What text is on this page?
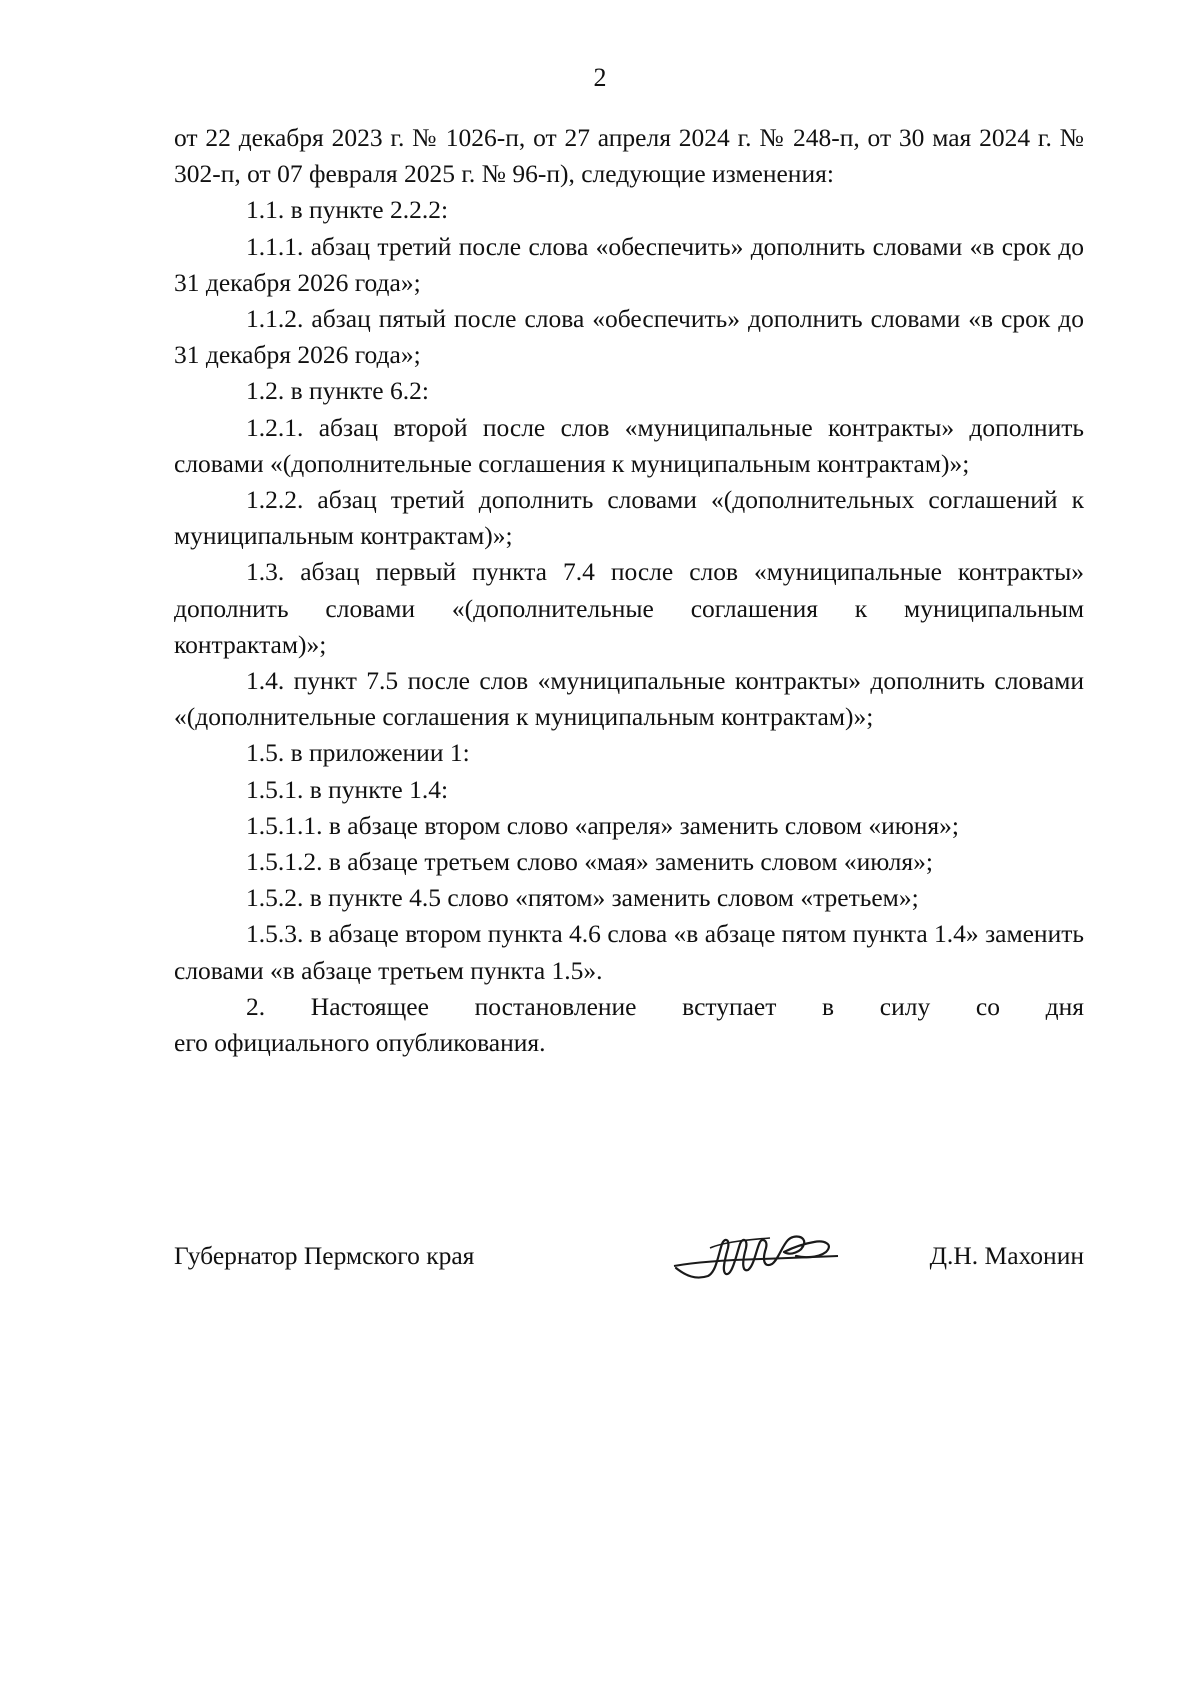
2

от 22 декабря 2023 г. № 1026-п, от 27 апреля 2024 г. № 248-п, от 30 мая 2024 г. № 302-п, от 07 февраля 2025 г. № 96-п), следующие изменения:

1.1. в пункте 2.2.2:

1.1.1. абзац третий после слова «обеспечить» дополнить словами «в срок до 31 декабря 2026 года»;

1.1.2. абзац пятый после слова «обеспечить» дополнить словами «в срок до 31 декабря 2026 года»;

1.2. в пункте 6.2:

1.2.1. абзац второй после слов «муниципальные контракты» дополнить словами «(дополнительные соглашения к муниципальным контрактам)»;

1.2.2. абзац третий дополнить словами «(дополнительных соглашений к муниципальным контрактам)»;

1.3. абзац первый пункта 7.4 после слов «муниципальные контракты» дополнить словами «(дополнительные соглашения к муниципальным контрактам)»;

1.4. пункт 7.5 после слов «муниципальные контракты» дополнить словами «(дополнительные соглашения к муниципальным контрактам)»;

1.5. в приложении 1:

1.5.1. в пункте 1.4:

1.5.1.1. в абзаце втором слово «апреля» заменить словом «июня»;

1.5.1.2. в абзаце третьем слово «мая» заменить словом «июля»;

1.5.2. в пункте 4.5 слово «пятом» заменить словом «третьем»;

1.5.3. в абзаце втором пункта 4.6 слова «в абзаце пятом пункта 1.4» заменить словами «в абзаце третьем пункта 1.5».

2. Настоящее постановление вступает в силу со дня

его официального опубликования.

Губернатор Пермского края	Д.Н. Махонин
